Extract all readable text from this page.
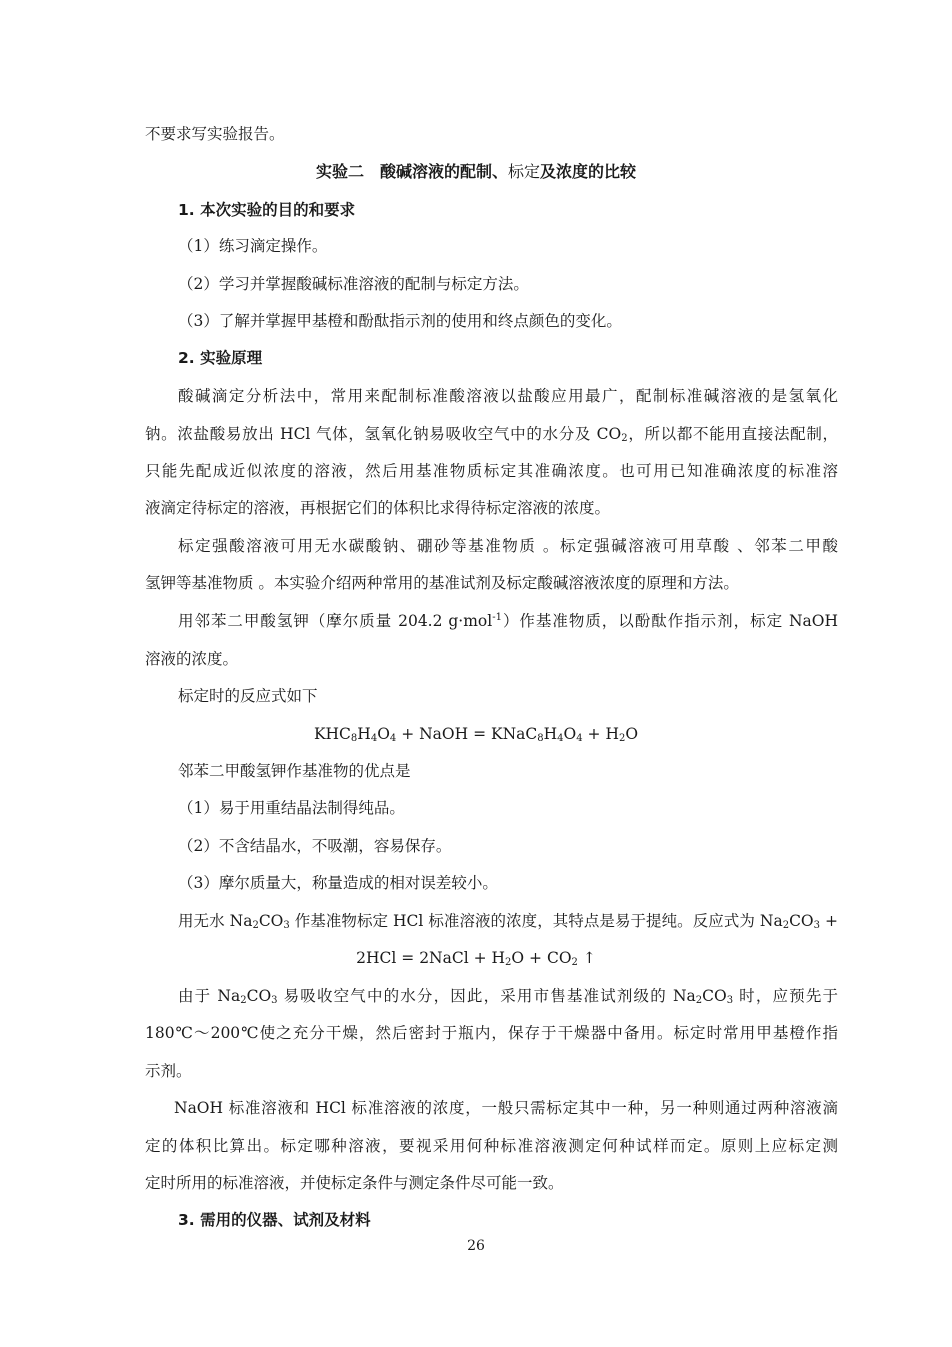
不要求写实验报告。
实验二　酸碱溶液的配制、标定及浓度的比较
1. 本次实验的目的和要求
（1）练习滴定操作。
（2）学习并掌握酸碱标准溶液的配制与标定方法。
（3）了解并掌握甲基橙和酚酞指示剂的使用和终点颜色的变化。
2. 实验原理
酸碱滴定分析法中，常用来配制标准酸溶液以盐酸应用最广，配制标准碱溶液的是氢氧化
钠。浓盐酸易放出 HCl 气体，氢氧化钠易吸收空气中的水分及 $CO_2$，所以都不能用直接法配制，
只能先配成近似浓度的溶液，然后用基准物质标定其准确浓度。也可用已知准确浓度的标准溶
液滴定待标定的溶液，再根据它们的体积比求得待标定溶液的浓度。
标定强酸溶液可用无水碳酸钠、硼砂等基准物质 。标定强碱溶液可用草酸 、邻苯二甲酸
氢钾等基准物质 。本实验介绍两种常用的基准试剂及标定酸碱溶液浓度的原理和方法。
用邻苯二甲酸氢钾（摩尔质量 204.2 g·mol$^{-1}$）作基准物质，以酚酞作指示剂，标定 NaOH
溶液的浓度。
标定时的反应式如下
$KHC_8H_4O_4$ + NaOH = $KNaC_8H_4O_4 + H_2O$
邻苯二甲酸氢钾作基准物的优点是
（1）易于用重结晶法制得纯品。
（2）不含结晶水，不吸潮，容易保存。
（3）摩尔质量大，称量造成的相对误差较小。
用无水 $Na_2CO_3$ 作基准物标定 HCl 标准溶液的浓度，其特点是易于提纯。反应式为 $Na_2CO_3$ +
2HCl = 2NaCl + $H_2O + CO_2$ ↑
由于 $Na_2CO_3$ 易吸收空气中的水分，因此，采用市售基准试剂级的 $Na_2CO_3$ 时，应预先于
180℃～200℃使之充分干燥，然后密封于瓶内，保存于干燥器中备用。标定时常用甲基橙作指
示剂。
NaOH 标准溶液和 HCl 标准溶液的浓度，一般只需标定其中一种，另一种则通过两种溶液滴
定的体积比算出。标定哪种溶液，要视采用何种标准溶液测定何种试样而定。原则上应标定测
定时所用的标准溶液，并使标定条件与测定条件尽可能一致。
3. 需用的仪器、试剂及材料
26
